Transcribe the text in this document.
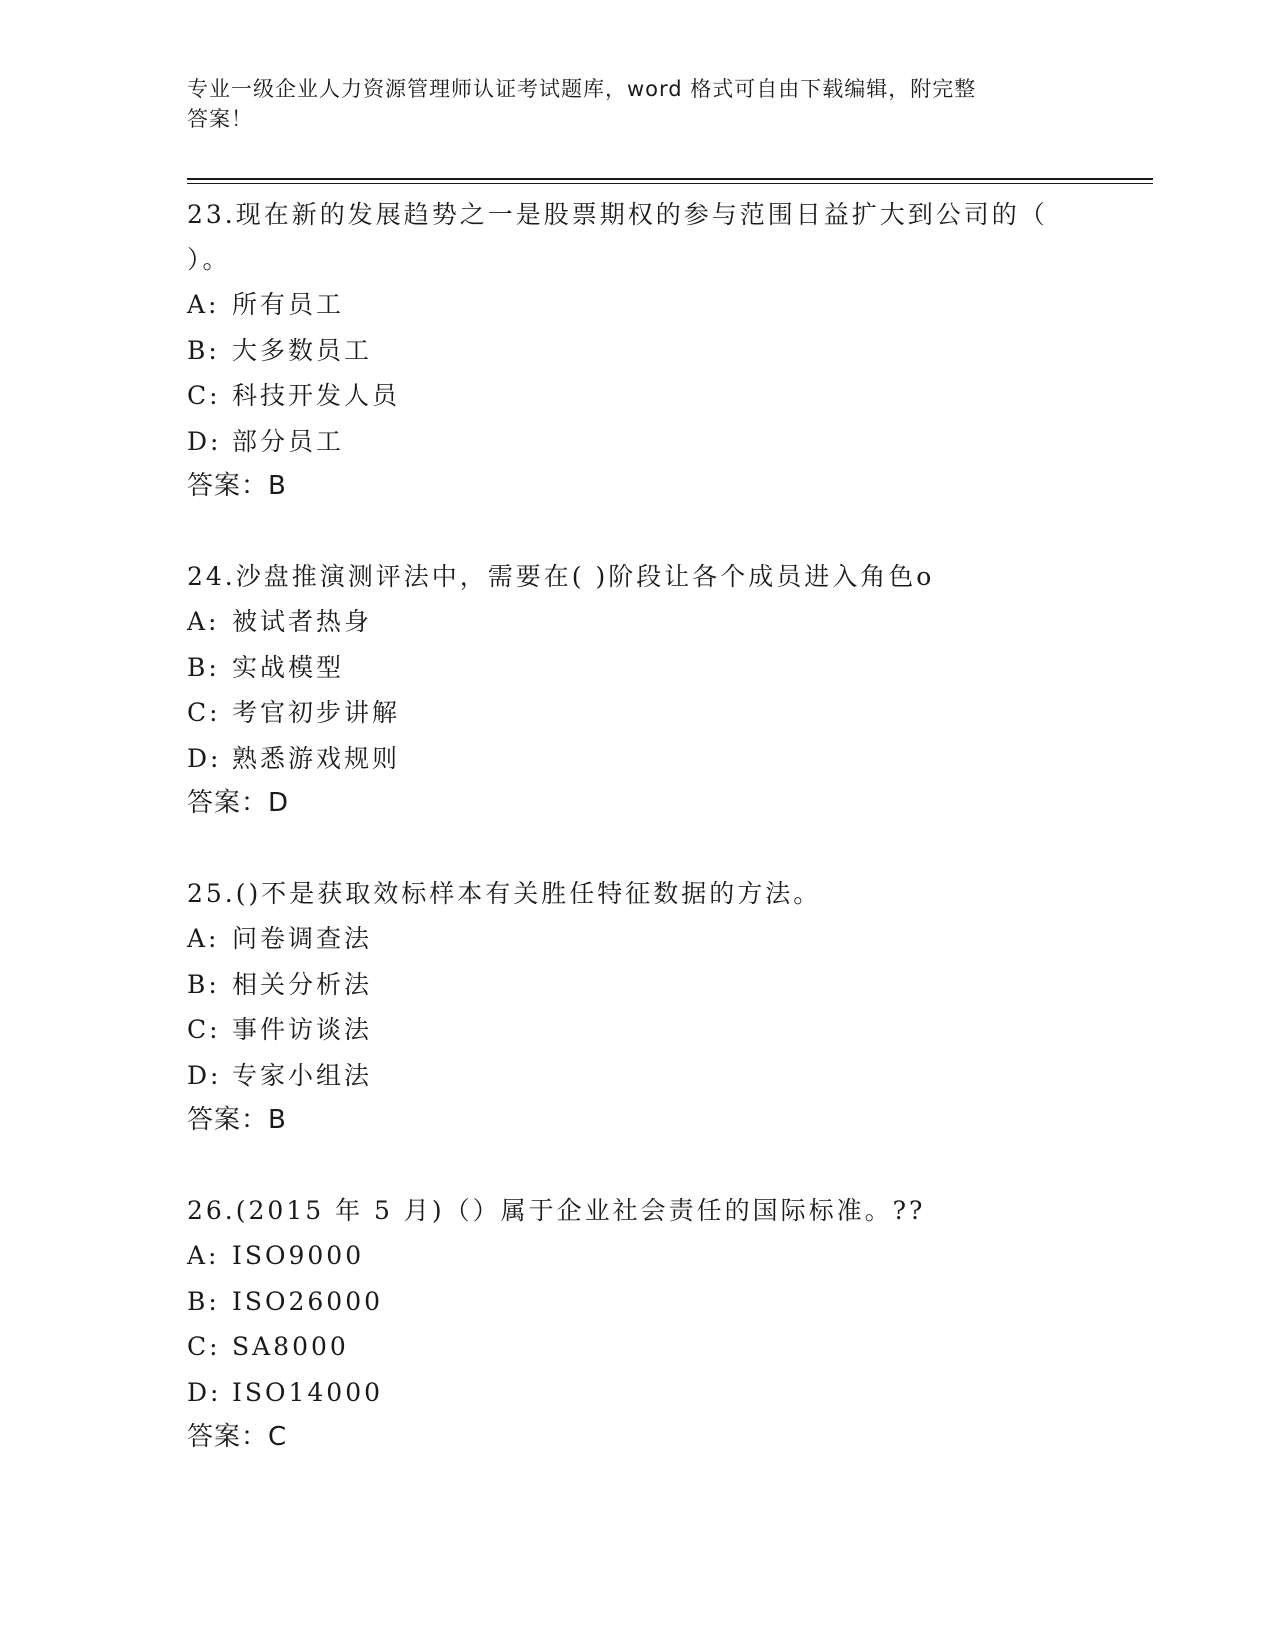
专业一级企业人力资源管理师认证考试题库，word 格式可自由下载编辑，附完整
答案！

23.现在新的发展趋势之一是股票期权的参与范围日益扩大到公司的（ ）。

A: 所有员工

B: 大多数员工

C: 科技开发人员

D: 部分员工

答案：B

24.沙盘推演测评法中，需要在( )阶段让各个成员进入角色o

A: 被试者热身

B: 实战模型

C: 考官初步讲解

D: 熟悉游戏规则

答案：D

25.()不是获取效标样本有关胜任特征数据的方法。

A: 问卷调查法

B: 相关分析法

C: 事件访谈法

D: 专家小组法

答案：B

26.(2015 年 5 月)（）属于企业社会责任的国际标准。??

A: ISO9000

B: ISO26000

C: SA8000

D: ISO14000

答案：C
